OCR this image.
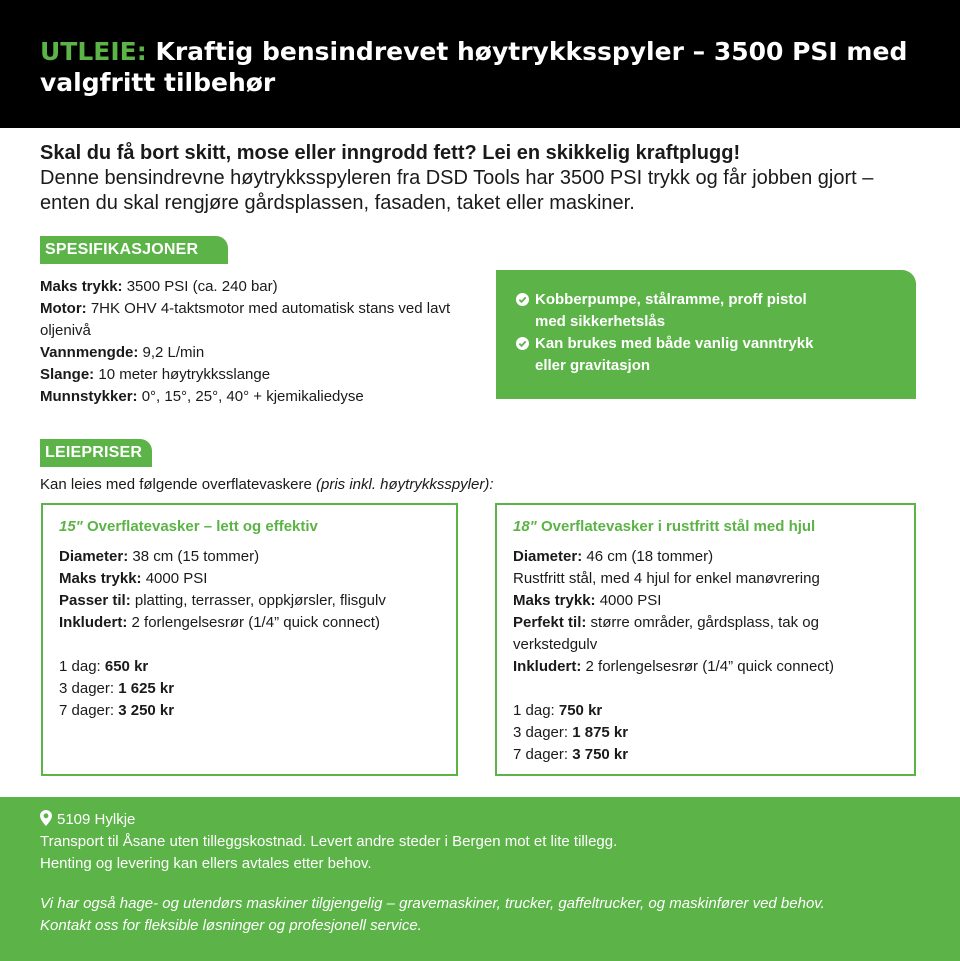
UTLEIE: Kraftig bensindrevet høytrykksspyler – 3500 PSI med valgfritt tilbehør
Skal du få bort skitt, mose eller inngrodd fett? Lei en skikkelig kraftplugg!
Denne bensindrevne høytrykksspyleren fra DSD Tools har 3500 PSI trykk og får jobben gjort – enten du skal rengjøre gårdsplassen, fasaden, taket eller maskiner.
SPESIFIKASJONER
Maks trykk: 3500 PSI (ca. 240 bar)
Motor: 7HK OHV 4-taktsmotor med automatisk stans ved lavt oljenivå
Vannmengde: 9,2 L/min
Slange: 10 meter høytrykksslange
Munnstykker: 0°, 15°, 25°, 40° + kjemikaliedyse
Kobberpumpe, stålramme, proff pistol med sikkerhetslås
Kan brukes med både vanlig vanntrykk eller gravitasjon
LEIEPRISER
Kan leies med følgende overflatevaskere (pris inkl. høytrykksspyler):
15" Overflatevasker – lett og effektiv
Diameter: 38 cm (15 tommer)
Maks trykk: 4000 PSI
Passer til: platting, terrasser, oppkjørsler, flisgulv
Inkludert: 2 forlengelsesrør (1/4” quick connect)
1 dag: 650 kr
3 dager: 1 625 kr
7 dager: 3 250 kr
18" Overflatevasker i rustfritt stål med hjul
Diameter: 46 cm (18 tommer)
Rustfritt stål, med 4 hjul for enkel manøvrering
Maks trykk: 4000 PSI
Perfekt til: større områder, gårdsplass, tak og verkstedgulv
Inkludert: 2 forlengelsesrør (1/4” quick connect)
1 dag: 750 kr
3 dager: 1 875 kr
7 dager: 3 750 kr
5109 Hylkje
Transport til Åsane uten tilleggskostnad. Levert andre steder i Bergen mot et lite tillegg.
Henting og levering kan ellers avtales etter behov.
Vi har også hage- og utendørs maskiner tilgjengelig – gravemaskiner, trucker, gaffeltrucker, og maskinfører ved behov.
Kontakt oss for fleksible løsninger og profesjonell service.
